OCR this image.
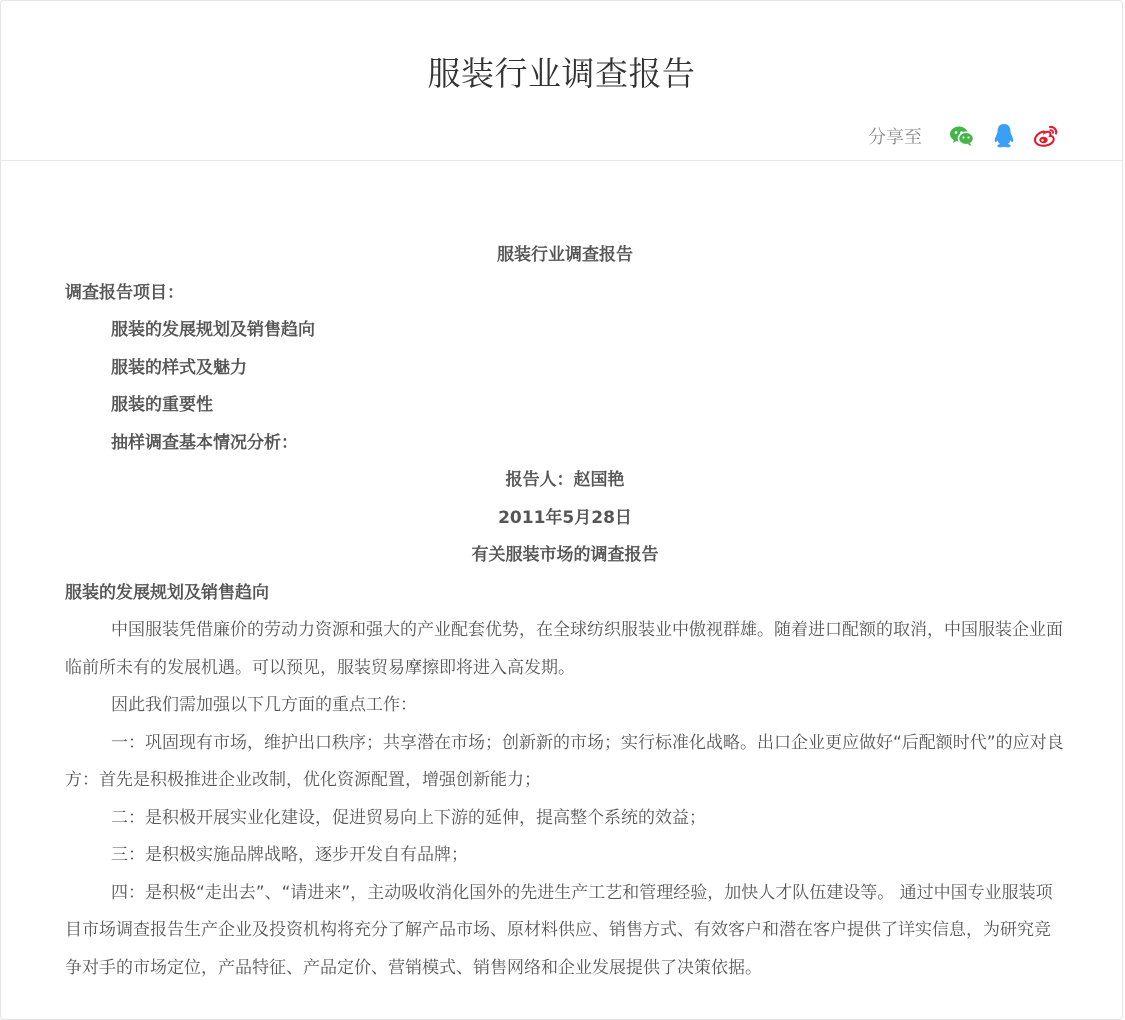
服装行业调查报告
分享至

服装行业调查报告

调查报告项目：

服装的发展规划及销售趋向

服装的样式及魅力

服装的重要性

抽样调查基本情况分析：

报告人：赵国艳

2011年5月28日

有关服装市场的调查报告

服装的发展规划及销售趋向

中国服装凭借廉价的劳动力资源和强大的产业配套优势，在全球纺织服装业中傲视群雄。随着进口配额的取消，中国服装企业面临前所未有的发展机遇。可以预见，服装贸易摩擦即将进入高发期。

因此我们需加强以下几方面的重点工作：

一：巩固现有市场，维护出口秩序；共享潜在市场；创新新的市场；实行标准化战略。出口企业更应做好“后配额时代”的应对良方：首先是积极推进企业改制，优化资源配置，增强创新能力；

二：是积极开展实业化建设，促进贸易向上下游的延伸，提高整个系统的效益；

三：是积极实施品牌战略，逐步开发自有品牌；

四：是积极“走出去”、“请进来”，主动吸收消化国外的先进生产工艺和管理经验，加快人才队伍建设等。 通过中国专业服装项目市场调查报告生产企业及投资机构将充分了解产品市场、原材料供应、销售方式、有效客户和潜在客户提供了详实信息，为研究竞争对手的市场定位，产品特征、产品定价、营销模式、销售网络和企业发展提供了决策依据。
